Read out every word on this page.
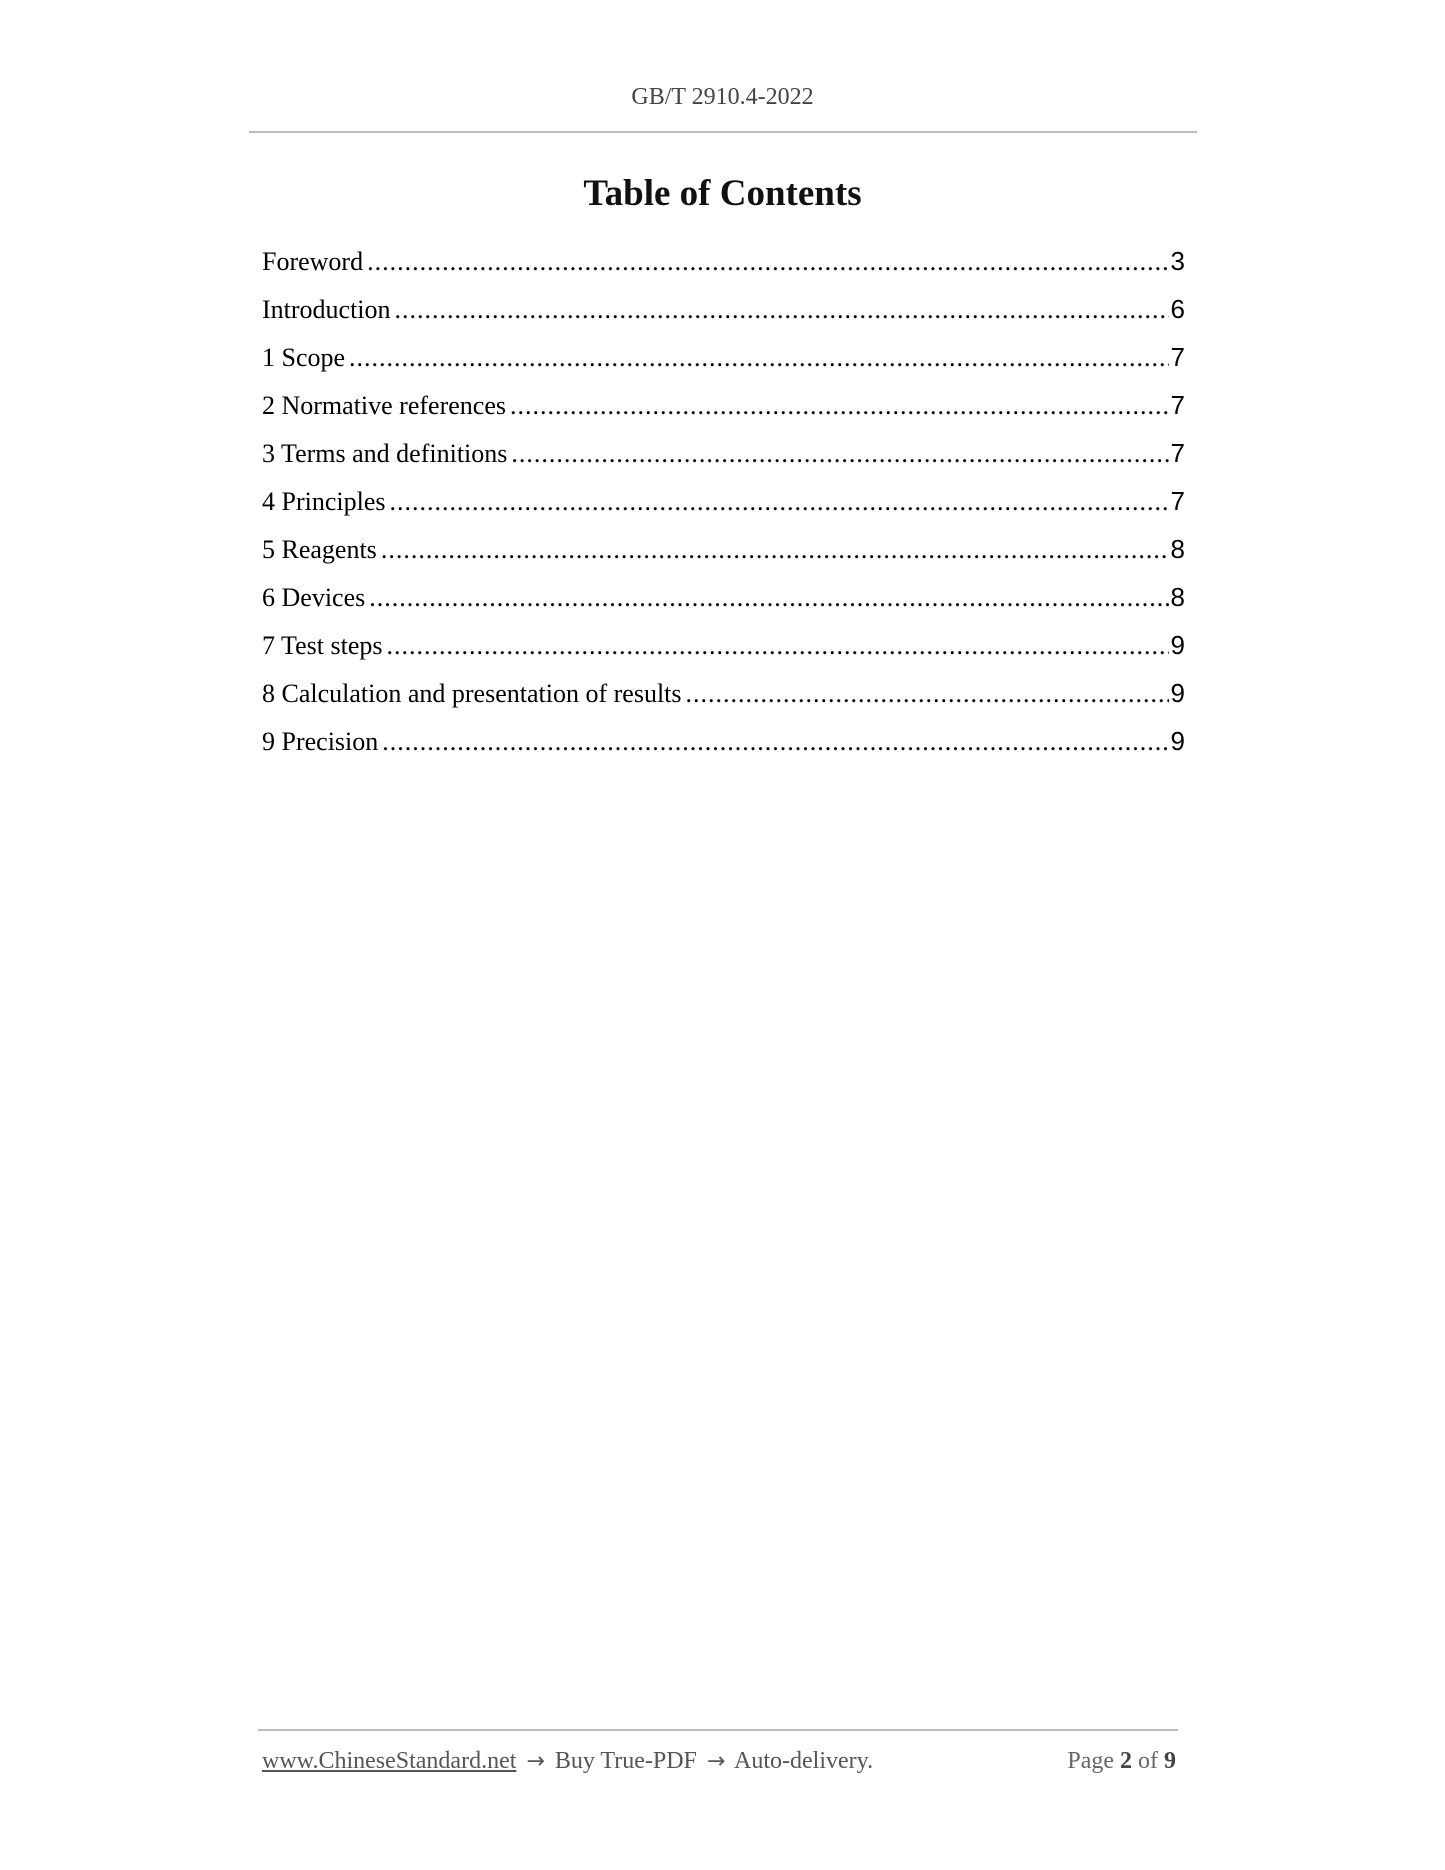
GB/T 2910.4-2022
Table of Contents
Foreword .....	3
Introduction .....	6
1 Scope .....	7
2 Normative references .....	7
3 Terms and definitions .....	7
4 Principles .....	7
5 Reagents .....	8
6 Devices .....	8
7 Test steps .....	9
8 Calculation and presentation of results .....	9
9 Precision .....	9
www.ChineseStandard.net → Buy True-PDF → Auto-delivery.	Page 2 of 9
